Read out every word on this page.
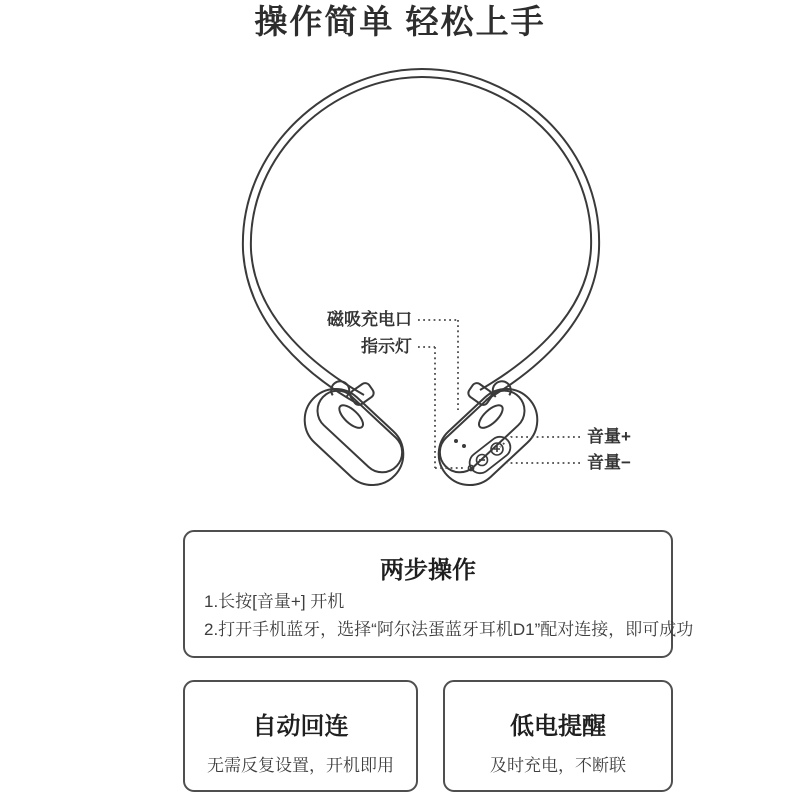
操作简单 轻松上手
磁吸充电口
指示灯
音量+
音量−
两步操作
1.长按[音量+] 开机
2.打开手机蓝牙，选择“阿尔法蛋蓝牙耳机D1”配对连接，即可成功
自动回连
无需反复设置，开机即用
低电提醒
及时充电，不断联
